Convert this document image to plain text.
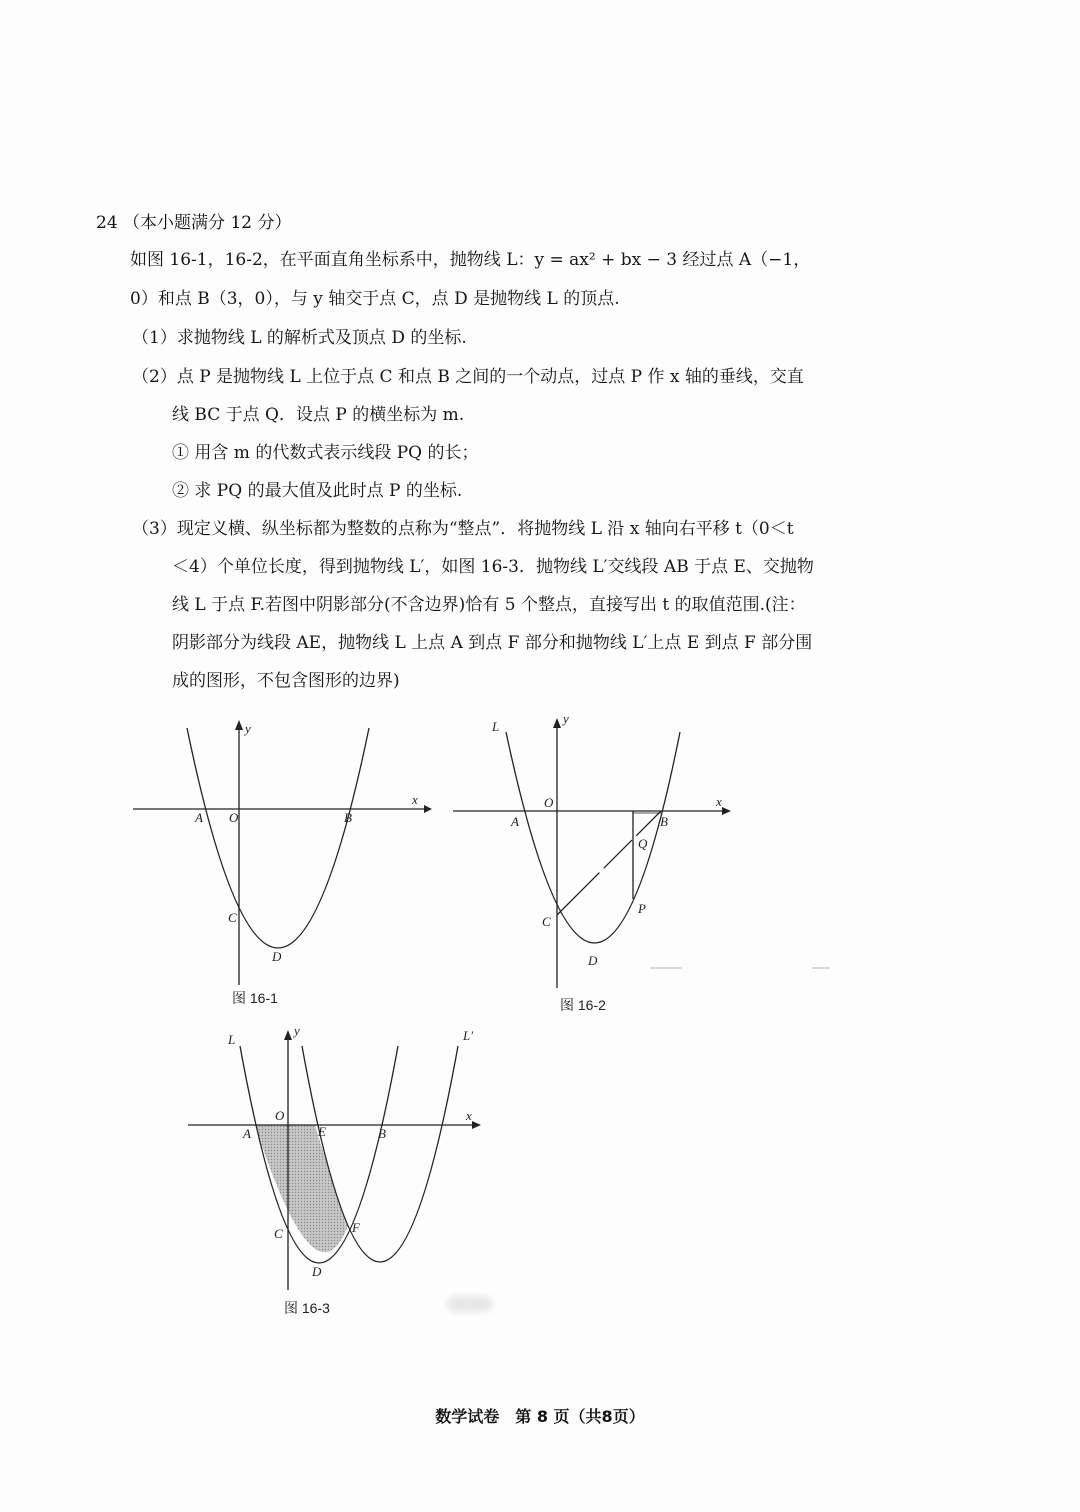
24 （本小题满分 12 分）
如图 16-1，16-2，在平面直角坐标系中，抛物线 L：y = ax² + bx − 3 经过点 A（−1，
0）和点 B（3，0），与 y 轴交于点 C，点 D 是抛物线 L 的顶点.
（1）求抛物线 L 的解析式及顶点 D 的坐标.
（2）点 P 是抛物线 L 上位于点 C 和点 B 之间的一个动点，过点 P 作 x 轴的垂线，交直
线 BC 于点 Q．设点 P 的横坐标为 m.
① 用含 m 的代数式表示线段 PQ 的长；
② 求 PQ 的最大值及此时点 P 的坐标.
（3）现定义横、纵坐标都为整数的点称为“整点”．将抛物线 L 沿 x 轴向右平移 t（0＜t
＜4）个单位长度，得到抛物线 L′，如图 16-3．抛物线 L′交线段 AB 于点 E、交抛物
线 L 于点 F.若图中阴影部分(不含边界)恰有 5 个整点，直接写出 t 的取值范围.(注：
阴影部分为线段 AE，抛物线 L 上点 A 到点 F 部分和抛物线 L′上点 E 到点 F 部分围
成的图形，不包含图形的边界)
y
x
O
A	B
C
D
图 16-1
L
y
x
O
A	B
Q
P
C
D
图 16-2
L	L′
y
x
O
A	E	B
C	F
D
图 16-3
数学试卷　第 8 页（共8页）
